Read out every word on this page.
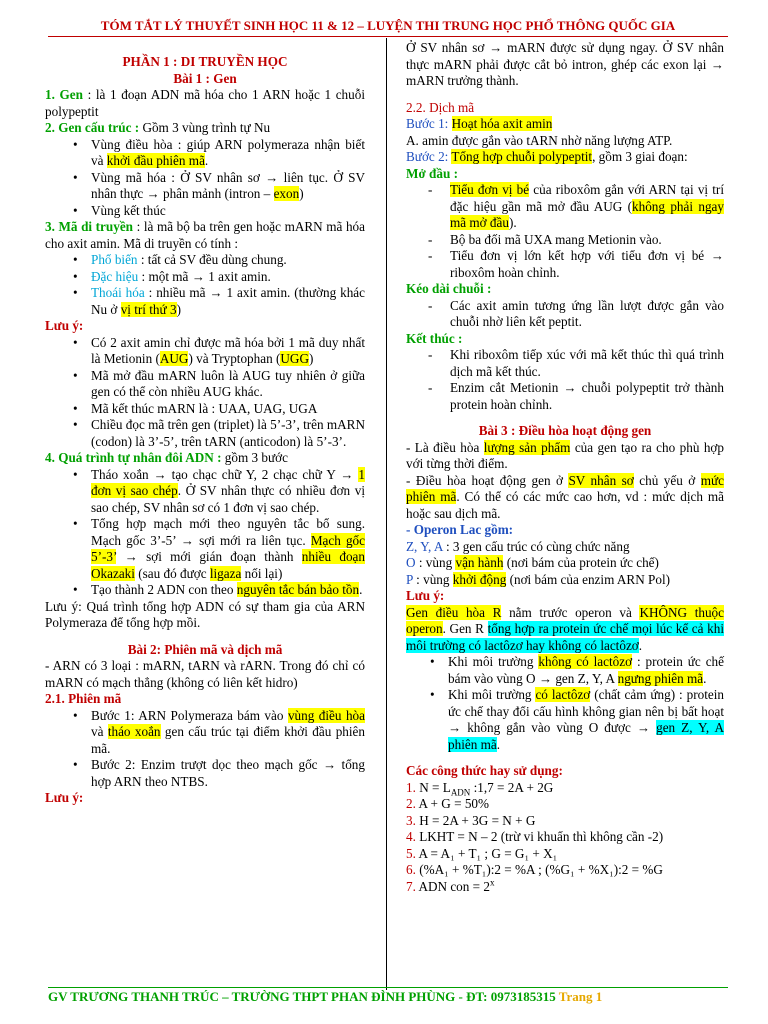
TÓM TẮT LÝ THUYẾT SINH HỌC 11 & 12 – LUYỆN THI TRUNG HỌC PHỔ THÔNG QUỐC GIA
PHẦN 1 : DI TRUYỀN HỌC
Bài 1 : Gen

1. Gen : là 1 đoạn ADN mã hóa cho 1 ARN hoặc 1 chuỗi polypeptit

2. Gen cấu trúc : Gồm 3 vùng trình tự Nu

• Vùng điều hòa : giúp ARN polymeraza nhận biết và khởi đầu phiên mã.
• Vùng mã hóa : Ở SV nhân sơ → liên tục. Ở SV nhân thực → phân mảnh (intron – exon)
• Vùng kết thúc

3. Mã di truyền : là mã bộ ba trên gen hoặc mARN mã hóa cho axit amin. Mã di truyền có tính :

• Phổ biến : tất cả SV đều dùng chung.
• Đặc hiệu : một mã → 1 axit amin.
• Thoái hóa : nhiều mã → 1 axit amin. (thường khác Nu ở vị trí thứ 3)
Lưu ý:
• Có 2 axit amin chỉ được mã hóa bởi 1 mã duy nhất là Metionin (AUG) và Tryptophan (UGG)
• Mã mở đầu mARN luôn là AUG tuy nhiên ở giữa gen có thể còn nhiều AUG khác.
• Mã kết thúc mARN là : UAA, UAG, UGA
• Chiều đọc mã trên gen (triplet) là 5’-3’, trên mARN (codon) là 3’-5’, trên tARN (anticodon) là 5’-3’.

4. Quá trình tự nhân đôi ADN : gồm 3 bước

• Tháo xoắn → tạo chạc chữ Y, 2 chạc chữ Y → 1 đơn vị sao chép. Ở SV nhân thực có nhiều đơn vị sao chép, SV nhân sơ có 1 đơn vị sao chép.
• Tổng hợp mạch mới theo nguyên tắc bổ sung. Mạch gốc 3’-5’ → sợi mới ra liên tục. Mạch gốc 5’-3’ → sợi mới gián đoạn thành nhiều đoạn Okazaki (sau đó được ligaza nối lại)
• Tạo thành 2 ADN con theo nguyên tắc bán bảo tồn.

Lưu ý: Quá trình tổng hợp ADN có sự tham gia của ARN Polymeraza để tổng hợp mồi.

Bài 2: Phiên mã và dịch mã

- ARN có 3 loại : mARN, tARN và rARN. Trong đó chỉ có mARN có mạch thẳng (không có liên kết hidro)

2.1. Phiên mã
• Bước 1: ARN Polymeraza bám vào vùng điều hòa và tháo xoắn gen cấu trúc tại điểm khởi đầu phiên mã.
• Bước 2: Enzim trượt dọc theo mạch gốc → tổng hợp ARN theo NTBS.
Lưu ý:

Ở SV nhân sơ → mARN được sử dụng ngay. Ở SV nhân thực mARN phải được cắt bỏ intron, ghép các exon lại → mARN trưởng thành.

2.2. Dịch mã

Bước 1: Hoạt hóa axit amin

A. amin được gắn vào tARN nhờ năng lượng ATP.

Bước 2: Tổng hợp chuỗi polypeptit, gồm 3 giai đoạn:

Mở đầu :
- Tiểu đơn vị bé của riboxôm gắn với ARN tại vị trí đặc hiệu gần mã mở đầu AUG (không phải ngay mã mở đầu).
- Bộ ba đối mã UXA mang Metionin vào.
- Tiểu đơn vị lớn kết hợp với tiểu đơn vị bé → riboxôm hoàn chỉnh.
Kéo dài chuỗi :
- Các axit amin tương ứng lần lượt được gắn vào chuỗi nhờ liên kết peptit.
Kết thúc :
- Khi riboxôm tiếp xúc với mã kết thúc thì quá trình dịch mã kết thúc.
- Enzim cắt Metionin → chuỗi polypeptit trở thành protein hoàn chỉnh.
Bài 3 : Điều hòa hoạt động gen

- Là điều hòa lượng sản phẩm của gen tạo ra cho phù hợp với từng thời điểm.

- Điều hòa hoạt động gen ở SV nhân sơ chủ yếu ở mức phiên mã. Có thể có các mức cao hơn, vd : mức dịch mã hoặc sau dịch mã.

- Operon Lac gồm:

Z, Y, A : 3 gen cấu trúc có cùng chức năng

O : vùng vận hành (nơi bám của protein ức chế)

P : vùng khởi động (nơi bám của enzim ARN Pol)

Lưu ý:

Gen điều hòa R nằm trước operon và KHÔNG thuộc operon. Gen R tổng hợp ra protein ức chế mọi lúc kể cả khi môi trường có lactôzơ hay không có lactôzơ.

• Khi môi trường không có lactôzơ : protein ức chế bám vào vùng O → gen Z, Y, A ngưng phiên mã.
• Khi môi trường có lactôzơ (chất cảm ứng) : protein ức chế thay đổi cấu hình không gian nên bị bất hoạt → không gắn vào vùng O được → gen Z, Y, A phiên mã.
Các công thức hay sử dụng:
1. $N = L_{ADN}$ :1,7 = 2A + 2G
2. A + G = 50%
3. H = 2A + 3G = N + G
4. LKHT = N – 2 (trừ vi khuẩn thì không cần -2)
5. A = A₁ + T₁ ; G = G₁ + X₁
6. (%A₁ + %T₁):2 = %A ; (%G₁ + %X₁):2 = %G
7. ADN con = $2^x$
GV TRƯƠNG THANH TRÚC – TRƯỜNG THPT PHAN ĐÌNH PHÙNG - ĐT: 0973185315 Trang 1
